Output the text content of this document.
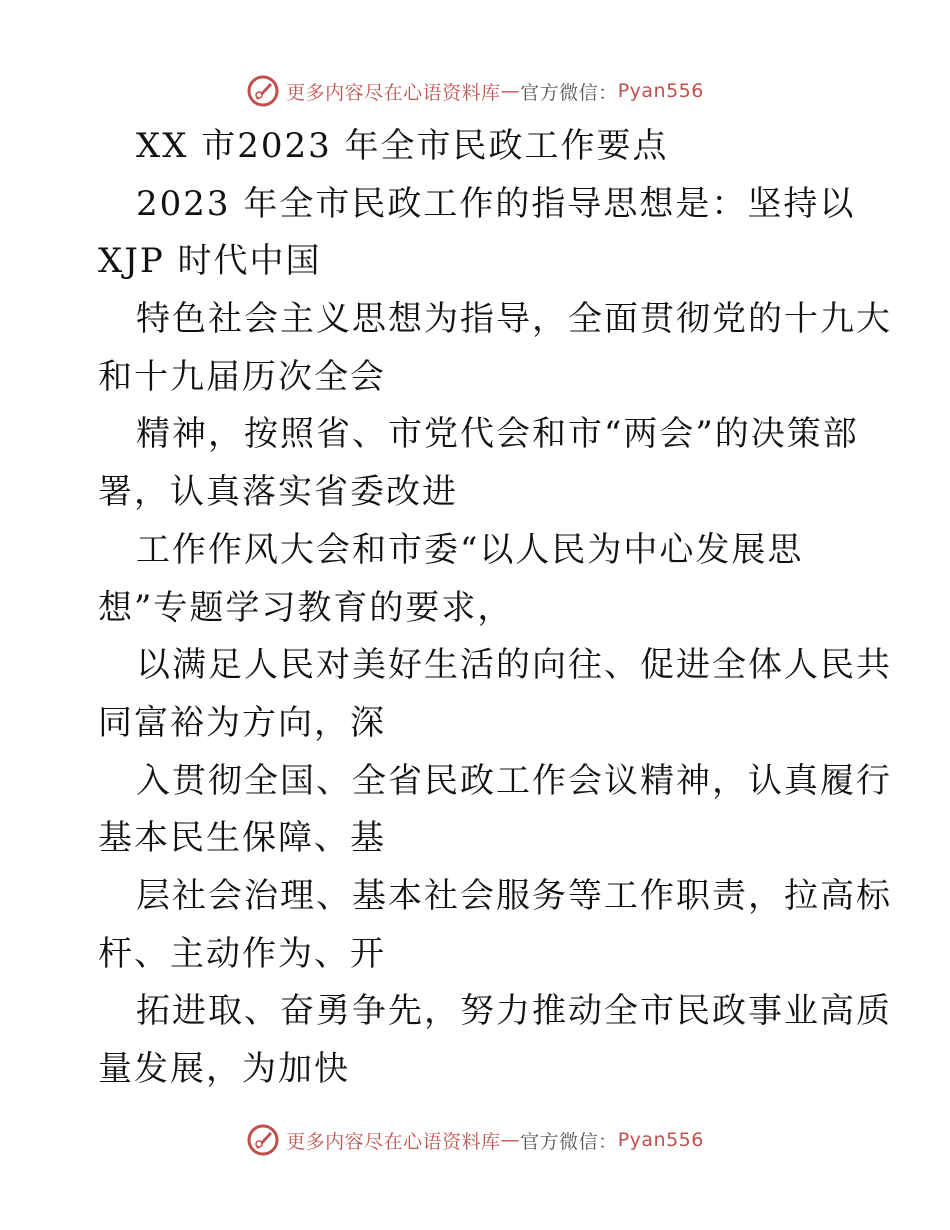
更多内容尽在心语资料库 — 官方微信： Pyan556
XX 市2023 年全市民政工作要点
2023 年全市民政工作的指导思想是：坚持以
XJP 时代中国
特色社会主义思想为指导，全面贯彻党的十九大
和十九届历次全会
精神，按照省、市党代会和市“两会”的决策部
署，认真落实省委改进
工作作风大会和市委“以人民为中心发展思
想”专题学习教育的要求，
以满足人民对美好生活的向往、促进全体人民共
同富裕为方向，深
入贯彻全国、全省民政工作会议精神，认真履行
基本民生保障、基
层社会治理、基本社会服务等工作职责，拉高标
杆、主动作为、开
拓进取、奋勇争先，努力推动全市民政事业高质
量发展，为加快
更多内容尽在心语资料库 — 官方微信： Pyan556
